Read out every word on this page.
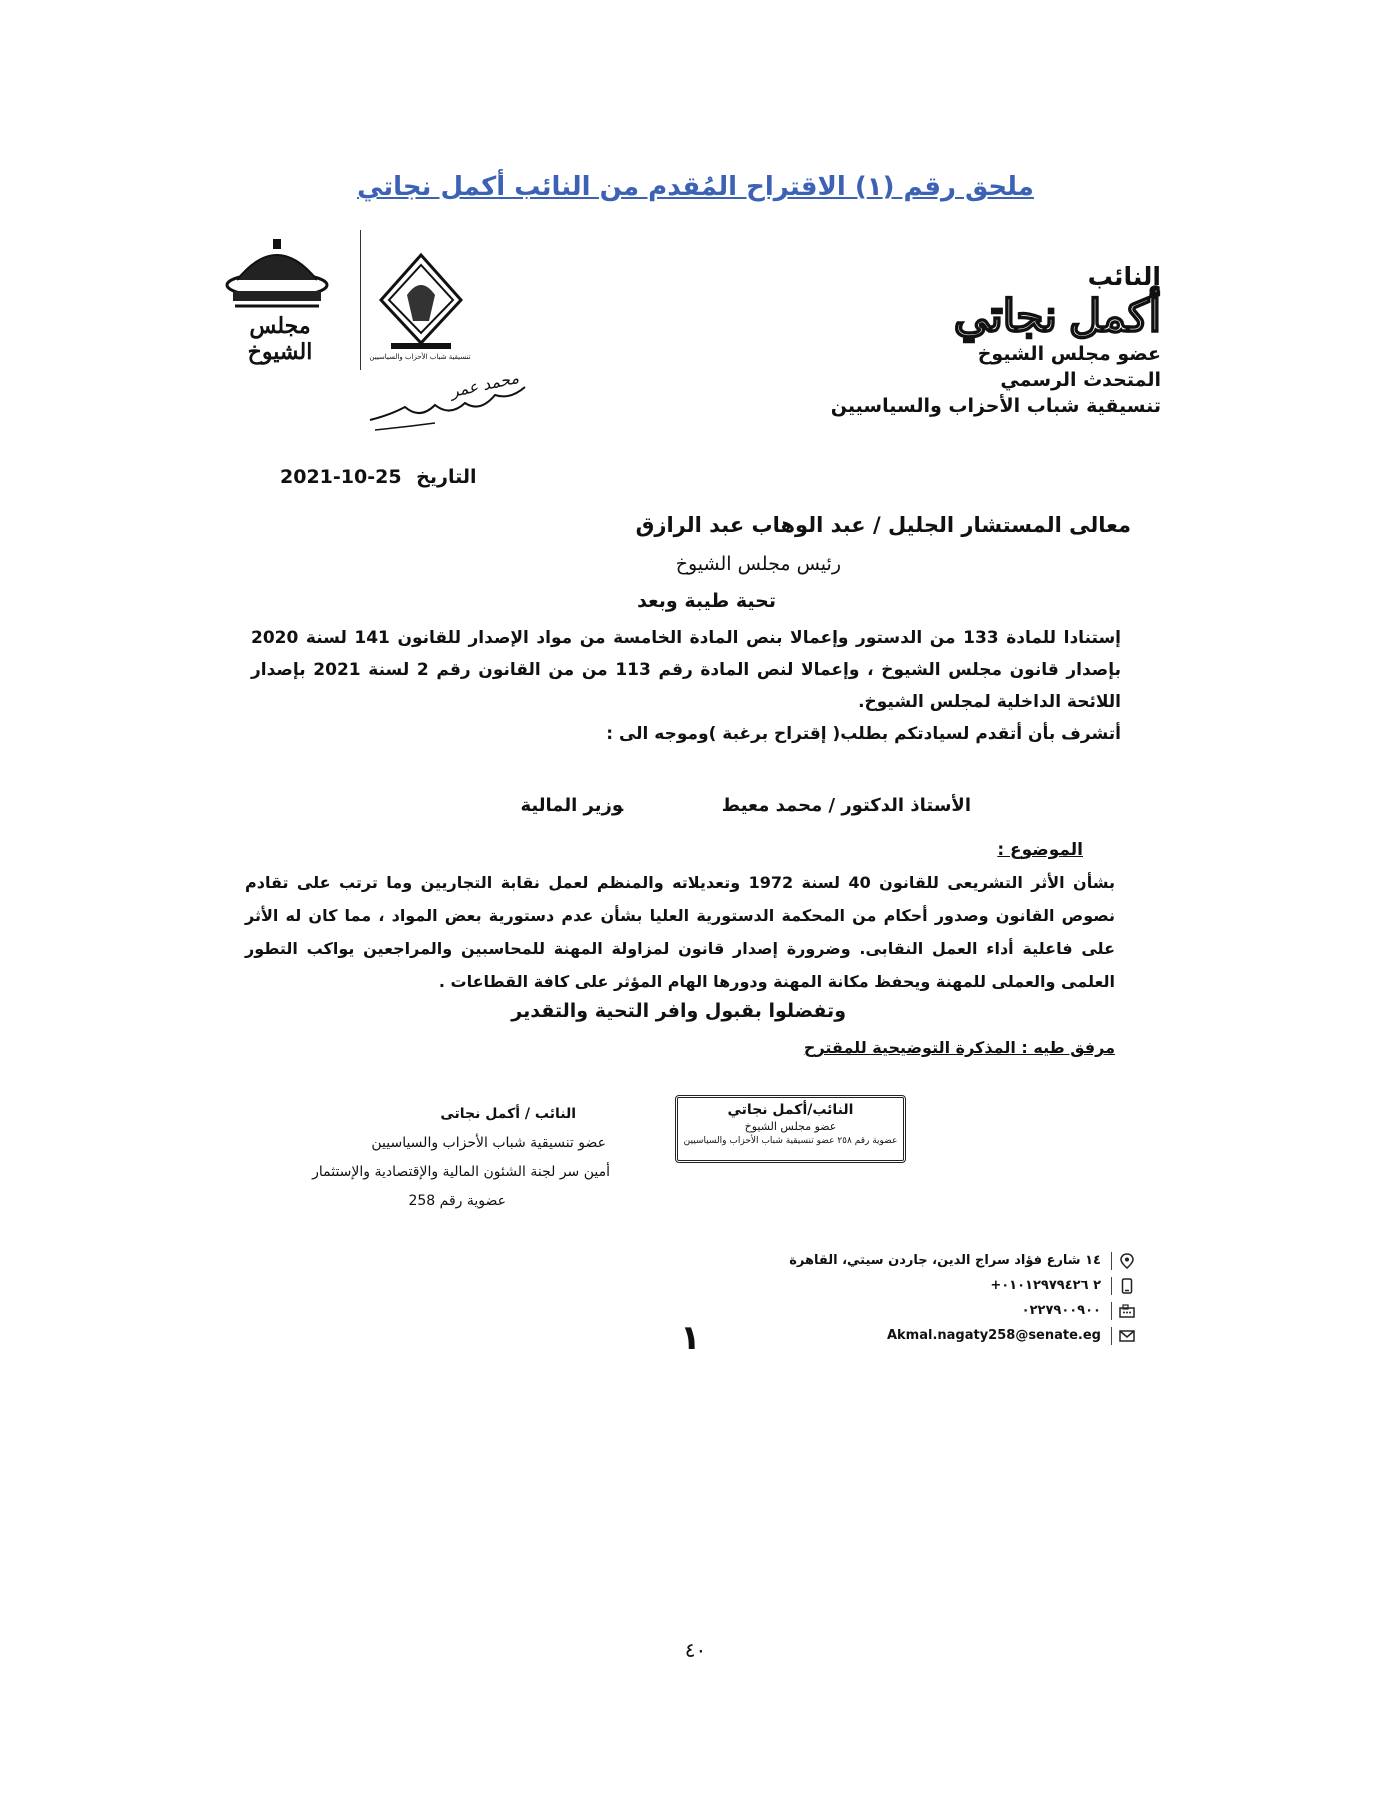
ملحق رقم (١) الاقتراح المُقدم من النائب أكمل نجاتي
مجلس الشيوخ	تنسيقية شباب الأحزاب والسياسيين
محمد عمر
النائب
أكمل نجاتي
عضو مجلس الشيوخ
المتحدث الرسمي
تنسيقية شباب الأحزاب والسياسيين
التاريخ 2021-10-25
معالى المستشار الجليل / عبد الوهاب عبد الرازق
رئيس مجلس الشيوخ
تحية طيبة وبعد
إستنادا للمادة 133 من الدستور وإعمالا بنص المادة الخامسة من مواد الإصدار للقانون 141 لسنة 2020 بإصدار قانون مجلس الشيوخ ، وإعمالا لنص المادة رقم 113 من من القانون رقم 2 لسنة 2021 بإصدار اللائحة الداخلية لمجلس الشيوخ.
أتشرف بأن أتقدم لسيادتكم بطلب( إقتراح برغبة )وموجه الى :
الأستاذ الدكتور / محمد معيطوزير المالية
الموضوع :
بشأن الأثر التشريعى للقانون 40 لسنة 1972 وتعديلاته والمنظم لعمل نقابة التجاريين وما ترتب على تقادم نصوص القانون وصدور أحكام من المحكمة الدستورية العليا بشأن عدم دستورية بعض المواد ، مما كان له الأثر على فاعلية أداء العمل النقابى. وضرورة إصدار قانون لمزاولة المهنة للمحاسبين والمراجعين يواكب التطور العلمى والعملى للمهنة ويحفظ مكانة المهنة ودورها الهام المؤثر على كافة القطاعات .
وتفضلوا بقبول وافر التحية والتقدير
مرفق طيه : المذكرة التوضيحية للمقترح
النائب/أكمل نجاتي
عضو مجلس الشيوخ
عضوية رقم ٢٥٨ عضو تنسيقية شباب الأحزاب والسياسيين
النائب / أكمل نجاتى
عضو تنسيقية شباب الأحزاب والسياسيين
أمين سر لجنة الشئون المالية والإقتصادية والإستثمار
عضوية رقم 258
١٤ شارع فؤاد سراج الدين، جاردن سيتي، القاهرة
+٢ ٠١٠١٢٩٧٩٤٢٦
٠٢٢٧٩٠٠٩٠٠
Akmal.nagaty258@senate.eg
١
٤٠
